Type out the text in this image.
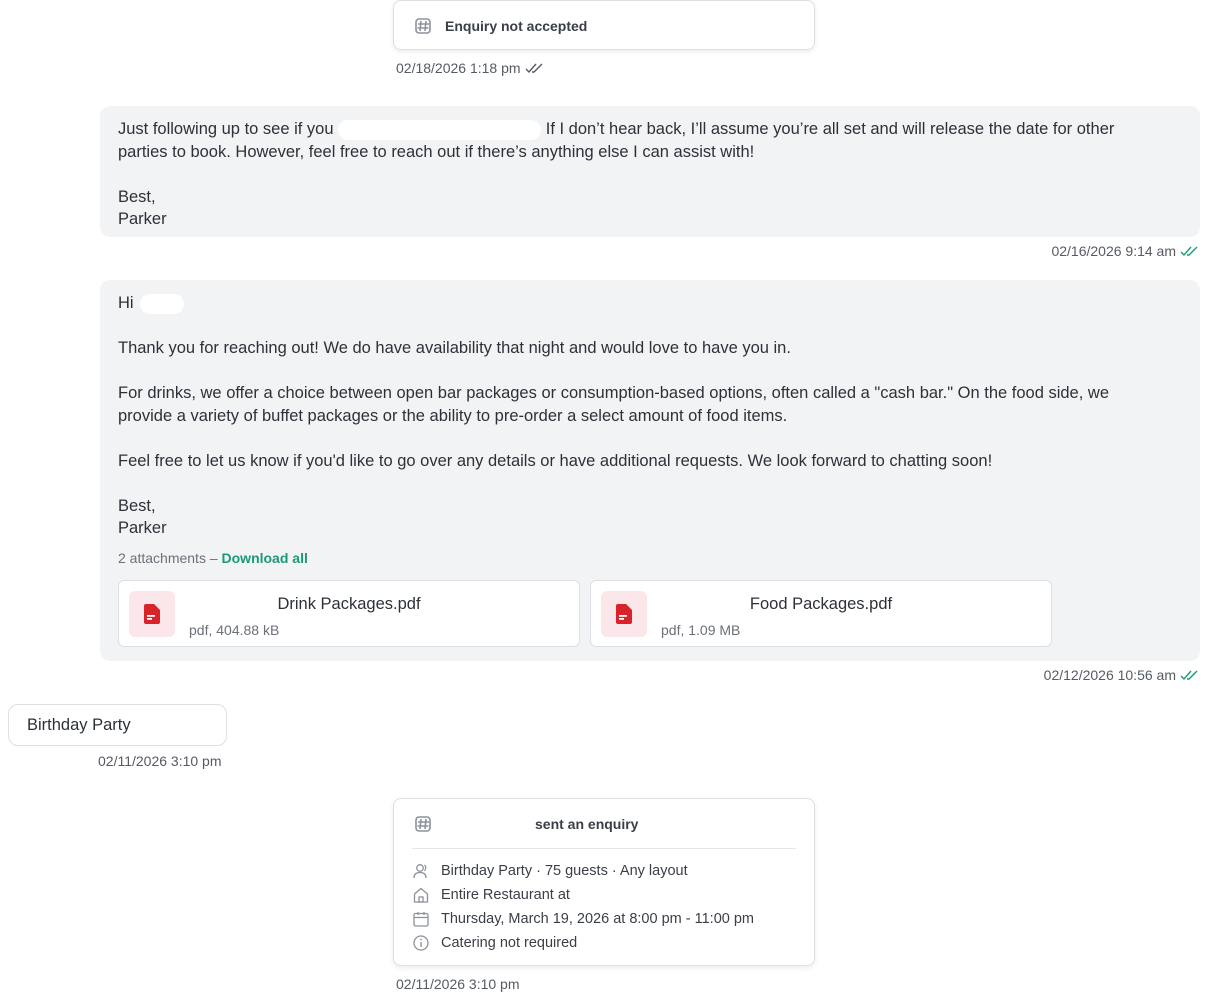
Enquiry not accepted
02/18/2026 1:18 pm

Just following up to see if you	If I don’t hear back, I’ll assume you’re all set and will release the date for other

parties to book. However, feel free to reach out if there’s anything else I can assist with!

Best,

Parker

02/16/2026 9:14 am

Hi

Thank you for reaching out! We do have availability that night and would love to have you in.

For drinks, we offer a choice between open bar packages or consumption-based options, often called a "cash bar." On the food side, we

provide a variety of buffet packages or the ability to pre-order a select amount of food items.

Feel free to let us know if you'd like to go over any details or have additional requests. We look forward to chatting soon!

Best,

Parker

2 attachments – Download all
Drink Packages.pdf
pdf, 404.88 kB
Food Packages.pdf
pdf, 1.09 MB
02/12/2026 10:56 am
Birthday Party
02/11/2026 3:10 pm
sent an enquiry
Birthday Party · 75 guests · Any layout
Entire Restaurant at
Thursday, March 19, 2026 at 8:00 pm - 11:00 pm
Catering not required
02/11/2026 3:10 pm
